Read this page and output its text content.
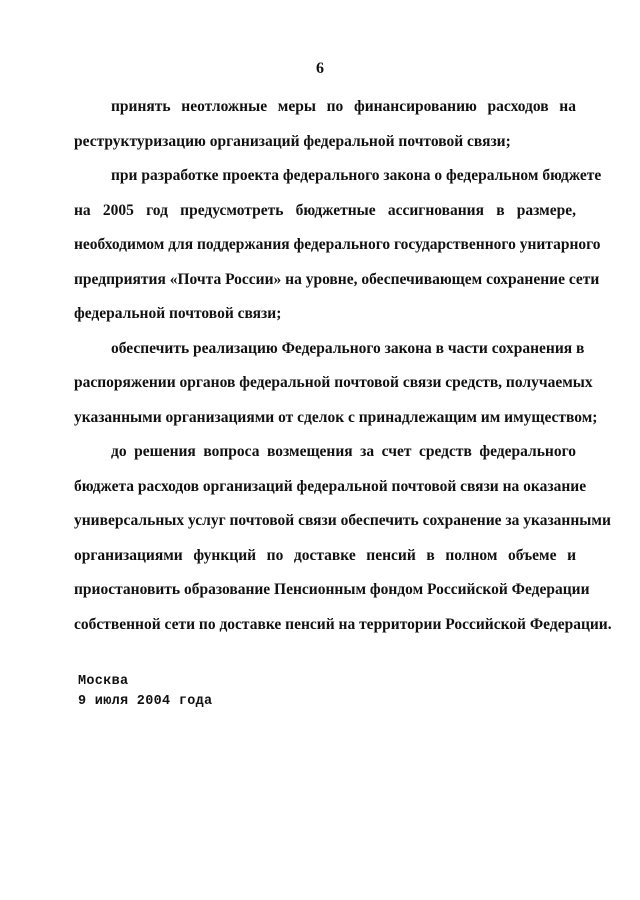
6
принять неотложные меры по финансированию расходов на
реструктуризацию организаций федеральной почтовой связи;
при разработке проекта федерального закона о федеральном бюджете
на 2005 год предусмотреть бюджетные ассигнования в размере,
необходимом для поддержания федерального государственного унитарного
предприятия «Почта России» на уровне, обеспечивающем сохранение сети
федеральной почтовой связи;
обеспечить реализацию Федерального закона в части сохранения в
распоряжении органов федеральной почтовой связи средств, получаемых
указанными организациями от сделок с принадлежащим им имуществом;
до решения вопроса возмещения за счет средств федерального
бюджета расходов организаций федеральной почтовой связи на оказание
универсальных услуг почтовой связи обеспечить сохранение за указанными
организациями функций по доставке пенсий в полном объеме и
приостановить образование Пенсионным фондом Российской Федерации
собственной сети по доставке пенсий на территории Российской Федерации.
Москва
9 июля 2004 года
